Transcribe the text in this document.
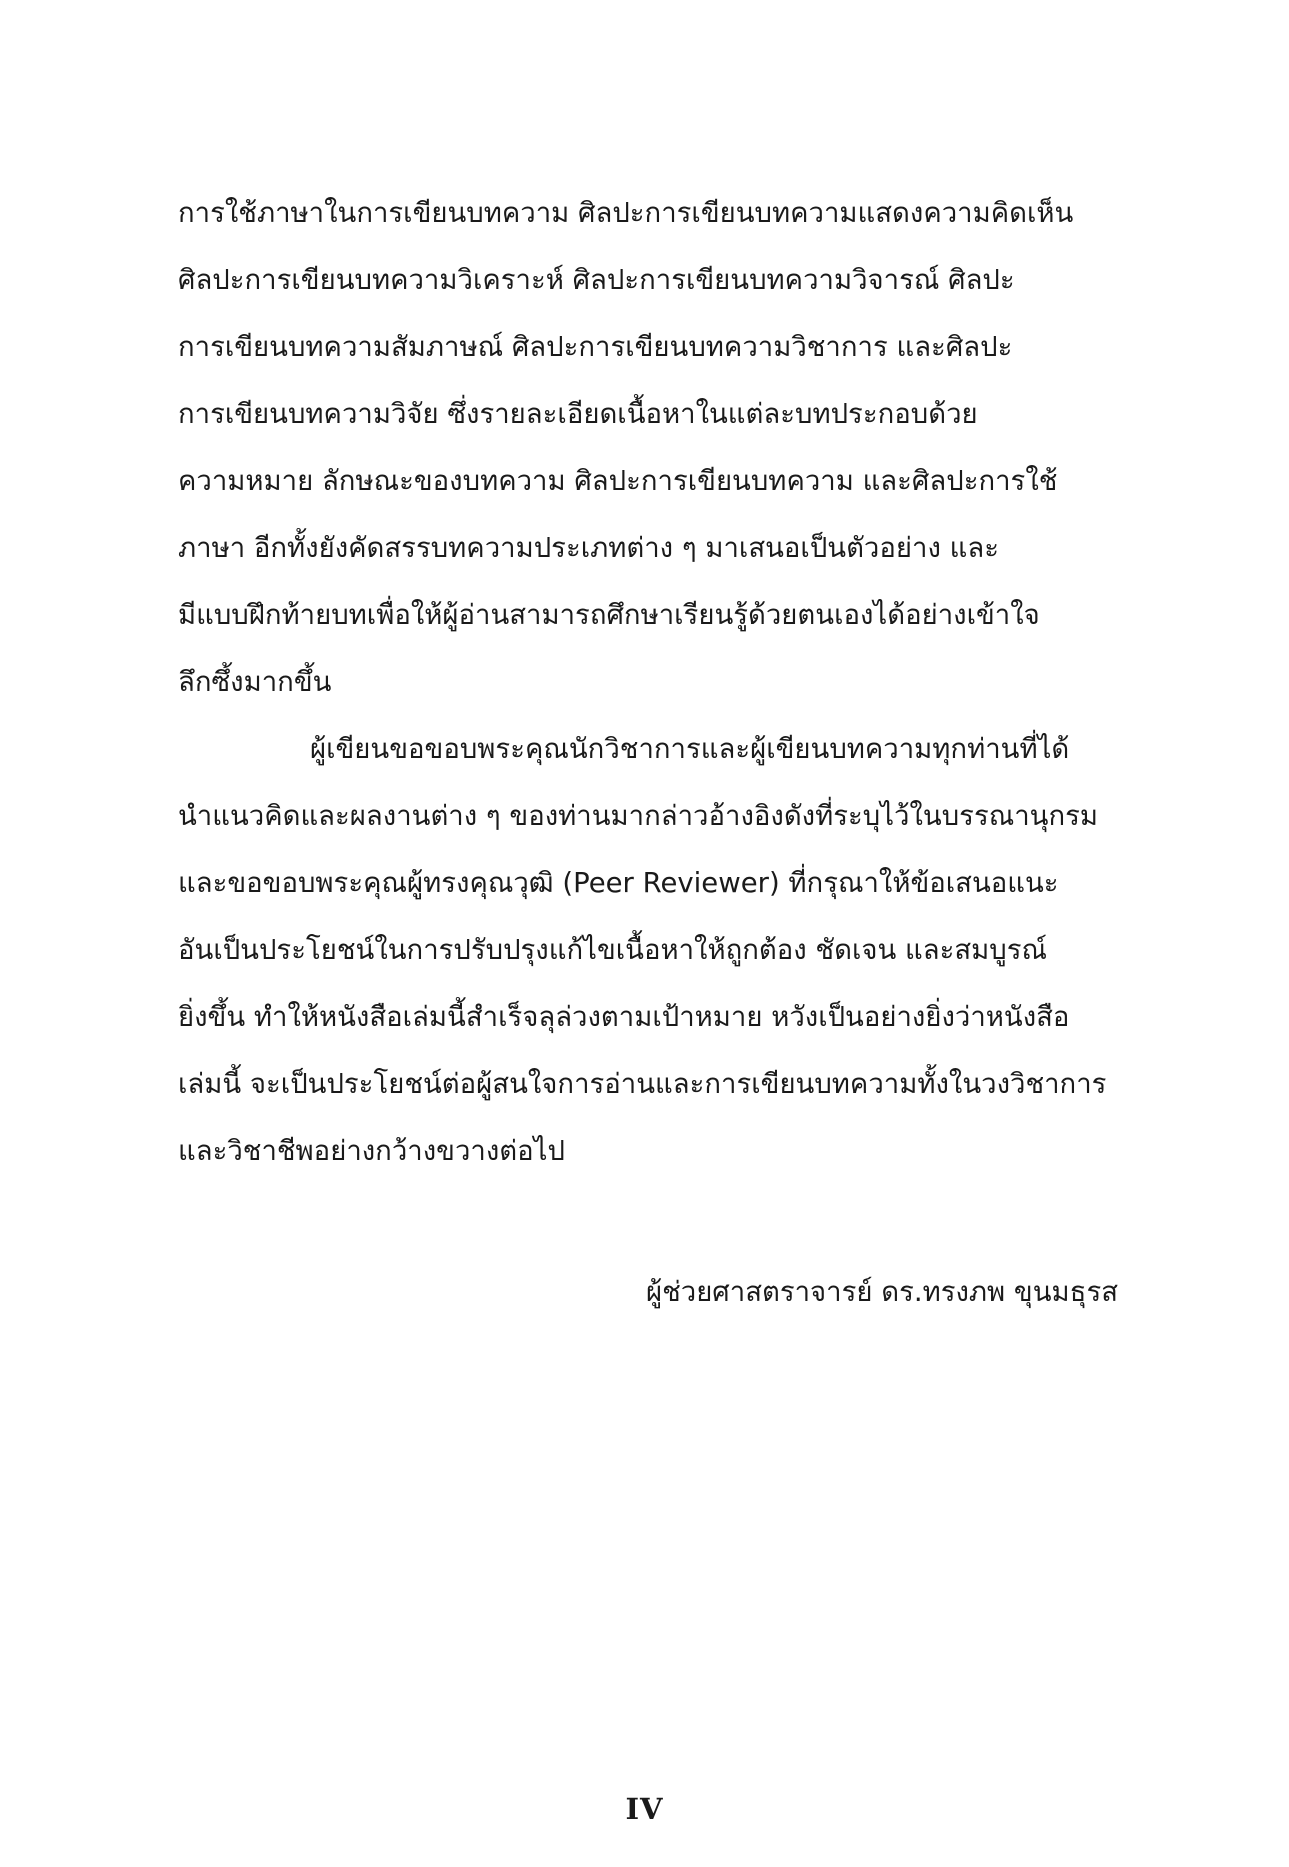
การใช้ภาษาในการเขียนบทความ ศิลปะการเขียนบทความแสดงความคิดเห็น
ศิลปะการเขียนบทความวิเคราะห์ ศิลปะการเขียนบทความวิจารณ์ ศิลปะ
การเขียนบทความสัมภาษณ์ ศิลปะการเขียนบทความวิชาการ และศิลปะ
การเขียนบทความวิจัย ซึ่งรายละเอียดเนื้อหาในแต่ละบทประกอบด้วย
ความหมาย ลักษณะของบทความ ศิลปะการเขียนบทความ และศิลปะการใช้
ภาษา อีกทั้งยังคัดสรรบทความประเภทต่าง ๆ มาเสนอเป็นตัวอย่าง และ
มีแบบฝึกท้ายบทเพื่อให้ผู้อ่านสามารถศึกษาเรียนรู้ด้วยตนเองได้อย่างเข้าใจ
ลึกซึ้งมากขึ้น
ผู้เขียนขอขอบพระคุณนักวิชาการและผู้เขียนบทความทุกท่านที่ได้
นำแนวคิดและผลงานต่าง ๆ ของท่านมากล่าวอ้างอิงดังที่ระบุไว้ในบรรณานุกรม
และขอขอบพระคุณผู้ทรงคุณวุฒิ (Peer Reviewer) ที่กรุณาให้ข้อเสนอแนะ
อันเป็นประโยชน์ในการปรับปรุงแก้ไขเนื้อหาให้ถูกต้อง ชัดเจน และสมบูรณ์
ยิ่งขึ้น ทำให้หนังสือเล่มนี้สำเร็จลุล่วงตามเป้าหมาย หวังเป็นอย่างยิ่งว่าหนังสือ
เล่มนี้ จะเป็นประโยชน์ต่อผู้สนใจการอ่านและการเขียนบทความทั้งในวงวิชาการ
และวิชาชีพอย่างกว้างขวางต่อไป
ผู้ช่วยศาสตราจารย์ ดร.ทรงภพ ขุนมธุรส
IV
